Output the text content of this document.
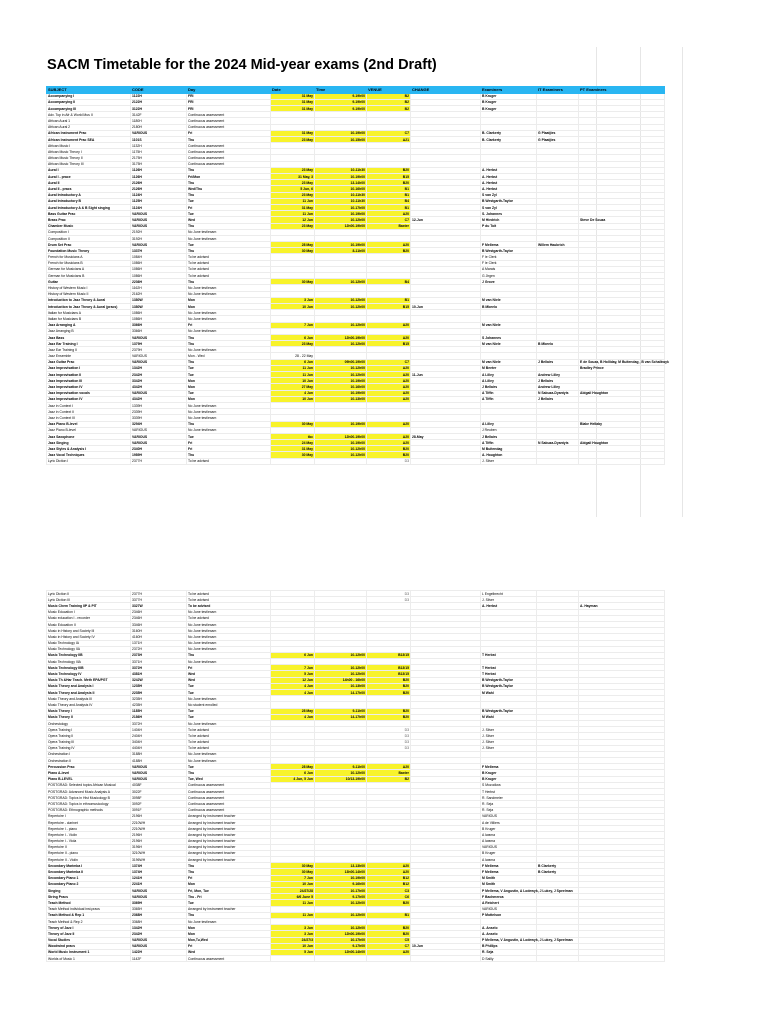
SACM Timetable for the 2024 Mid-year exams (2nd Draft)
SUBJECT	CODE	Day	Date	Time	VENUE	CHANGE	Examiners	IT Examiners	PT Examiners
Accompanying I	1122H	FRI	31 May	9-19h00	B2		B Kruger		
Accompanying II	2122H	FRI	31 May	9-19h00	B2		B Kruger		
Accompanying III	3122H	FRI	31 May	9-19h00	B2		B Kruger		
Adv. Top in Afr & World Mus II	3142F	Continuous assessment							
African Aural 1	1180H	Continuous assessment							
African Aural 2	2180H	Continuous assessment							
African Instrument Prac	VARIOUS	Fri	31 May	10-19h00	C7		B. Clarkerty	G Plaatjies	
African Instrument Prac SEA	1101S	Thu	23 May	10-15h00	A21		B. Clarkerty	G Plaatjies	
African Music I	1132H	Continuous assessment							
African Music Theory I	1175H	Continuous assessment							
African Music Theory II	2175H	Continuous assessment							
African Music Theory III	3175H	Continuous assessment							
Aural I	1126H	Thu	23 May	10-11h30	B20		A. Herbst		
Aural I - prace	1126H	Fri/Mon	31 May, 3	10-19h00	B15		A. Herbst		
Aural II	2126H	Thu	23 May	13-14h00	B20		A. Herbst		
Aural II - pracs	2126H	Wed/Thu	5 Jun, 6	10-16h00	B1		A. Herbst		
Aural Introductory A	1124H	Thu	23 May	10-11h30	B1		S van Zyl		
Aural Introductory B	1125H	Tue	11 Jun	10-11h30	B4		B Westgarth-Taylor		
Aural Introductory A & B Sight singing	1124H	Fri	31 May	10-17h00	B1		S van Zyl		
Bass Guitar Prac	VARIOUS	Tue	11 Jun	10-19h00	A20		S. Johannes		
Brass Prac	VARIOUS	Wed	12 Jun	10-12h00	C7	12-Jun	M Hiedrich		Steve De Souza
Chamber Music	VARIOUS	Thu	23 May	12h00-19h00	Baxter		P du Toit		
Composition I	2192H	No June test/exam							
Composition II	3192H	No June test/exam							
Drum Set Prac	VARIOUS	Tue	28 May	10-19h00	A20		F Mellema	Willem Haubrich	
Foundation Music Theory	1337H	Thu	30 May	8-11h00	B20		B Westgarth-Taylor		
French for Musicians A	1084H	To be advised					F le Clerk		
French for Musicians B	1086H	To be advised					F le Clerk		
German for Musicians A	1086H	To be advised					A Marais		
German for Musicians B	1086H	To be advised					G Jirgen		
Guitar	2236H	Thu	30 May	10-12h00	B4		J Grove		
History of Western Music I	1162H	No June test/exam							
History of Western Music II	2162H	No June test/exam							
Introduction to Jazz Theory & Aural	1380W	Mon	3 Jun	10-12h00	B1		M van Niele		
Introduction to Jazz Theory & Aural (pracs)	1380W	Mon	10 Jun	10-12h00	B15	10-Jun	B Mbeelo		
Italian for Musicians A	1086H	No June test/exam							
Italian for Musicians B	1086H	No June test/exam							
Jazz Arranging A	3366H	Fri	7 Jun	10-12h00	A20		M van Niele		
Jazz Arranging B	3366H	No June test/exam							
Jazz Bass	VARIOUS	Thu	6 Jun	12h00-19h00	A20		S Johannes		
Jazz Ear Training I	1379H	Thu	23 May	10-12h00	B15		M van Niele	B Mbeelo	
Jazz Ear Training II	2379H	No June test/exam							
Jazz Ensemble	VARIOUS	Mon - Wed	28 - 22 May						
Jazz Guitar Prac	VARIOUS	Thu	6 Jun	09h00-19h00	C7		M van Niele	J Bellairs	E de Souza, B Holliday, M Buitendag , B van Schalkwyk
Jazz Improvisation I	1342H	Tue	11 Jun	10-12h00	A20		M Beeter		Bradley Prince
Jazz Improvisation II	2342H	Tue	11 Jun	10-12h00	A20	11-Jun	A Lilley	Andrew Lilley	
Jazz Improvisation III	3342H	Mon	10 Jun	10-19h00	A20		A Lilley	J Bellairs	
Jazz Improvisation IV	4342H	Mon	27 May	10-16h00	A20		J Bellairs	Andrew Lilley	
Jazz Improvisation vocals	VARIOUS	Tue	4 Jun	10-19h00	A20		A Tiffin	N Sabuza-Dyantyis	Abigail Houghton
Jazz Improvisation IV	4342H	Mon	10 Jun	10-13h00	A20		A Tiffin	J Bellairs	
Jazz in Context I	1339H	No June test/exam							
Jazz in Context II	2339H	No June test/exam							
Jazz in Context III	3339H	No June test/exam							
Jazz Piano B-level	3294H	Thu	30 May	10-19h00	A20		A Lilley		Blake Hellaby
Jazz Piano B-level	VARIOUS	No June test/exam					J Reuben		
Jazz Saxophone	VARIOUS	Tue	tbc	12h00-19h00	A20	28-May	J Bellairs		
Jazz Singing	VARIOUS	Fri	24 May	10-19h00	A20		A Tiffin	N Sabuza-Dyantyis	Abigail Houghton
Jazz Styles & Analysis I	2340H	Fri	31 May	10-12h00	B20		M Buitendag		
Jazz Vocal Techniques	1989H	Thu	30 May	10-12h00	B20		A. Houghton		
Lyric Diction I	2377H	To be advised			D3		J. Silver		
Lyric Diction II	2377H	To be advised			D3		L Engelbrecht		
Lyric Diction III	3377H	To be advised			D3		J. Silver		
Music Chem Training IIP & PIT	3327W	To be advised					A. Herbst		A. Hayman
Music Education I	2346H	No June test/exam							
Music education I - recorder	2346H	To be advised							
Music Education II	3346H	No June test/exam							
Music in History and Society III	3160H	No June test/exam							
Music in History and Society IV	4160H	No June test/exam							
Music Technology IA	1371H	No June test/exam							
Music Technology IIA	2372H	No June test/exam							
Music Technology IIB	2373H	Thu	6 Jun	10-12h00	B13/15		T Herbst		
Music Technology IIIA	3371H	No June test/exam							
Music Technology IIIB	3372H	Fri	7 Jun	10-12h00	B13/15		T Herbst		
Music Technology IV	4381H	Wed	5 Jun	10-12h00	B13/15		T Herbst		
Music Th &Har Teach. Meth EPA/PGT	3242W	Wed	12 Jun	14h00 - 16h00	B20		B Westgarth-Taylor		
Music Theory and Analysis I	1235H	Tue	4 Jun	10-13h00	B20		B Westgarth-Taylor		
Music Theory and Analysis II	2235H	Tue	4 Jun	14-17h00	B20		M Wahl		
Music Theory and Analysis III	3235H	No June test/exam							
Music Theory and Analysis IV	4235H	No student enrolled							
Music Theory I	1185H	Tue	28 May	9-11h00	B20		B Westgarth-Taylor		
Music Theory II	2186H	Tue	4 Jun	14-17h00	B20		M Wahl		
Orchestology	3372H	No June test/exam							
Opera Training I	1404H	To be advised			D3		J. Silver		
Opera Training II	2404H	To be advised			D3		J. Silver		
Opera Training III	3404H	To be advised			D3		J. Silver		
Opera Training IV	4404H	To be advised			D3		J. Silver		
Orchestration I	3188H	No June test/exam							
Orchestration II	4188H	No June test/exam							
Percussion Prac	VARIOUS	Tue	28 May	9-11h00	A20		F Mellema		
Piano A-level	VARIOUS	Thu	6 Jun	10-12h00	Baxter		B Kruger		
Piano B-LEVEL	VARIOUS	Tue, Wed	4 Jun, 5 Jun	10/13-19h00	B2		B Kruger		
POSTGRAD: Selected topics African Musical	4038F	Continuous assessment					S Mozodiwa		
POSTGRAD: Advanced Music Analysis A	3022F	Continuous assessment					T Herbst		
POSTGRAD: Topics in Hist Musicology B	3098F	Continuous assessment					R. Sandmeier		
POSTGRAD: Topics in ethnomusicology	3092F	Continuous assessment					R. Seja		
POSTGRAD: Ethnographic methods	3091F	Continuous assessment					R. Seja		
Repertoire I	2196H	Arranged by instrument teacher					VARIOUS		
Repertoire - clarinet	2210WH	Arranged by instrument teacher					A de Villiers		
Repertoire I - piano	2210WH	Arranged by instrument teacher					B Kruger		
Repertoire I - Violin	2196H	Arranged by instrument teacher					A Iwama		
Repertoire I - Viola	2196H	Arranged by instrument teacher					A Iwama		
Repertoire II	3196H	Arranged by instrument teacher					VARIOUS		
Repertoire II - piano	3210WH	Arranged by instrument teacher					B Kruger		
Repertoire II - Violin	3196WH	Arranged by instrument teacher					A Iwama		
Secondary Marimba I	1374H	Thu	30 May	13-13h00	A20		F Mellema	B Clarkerty	
Secondary Marimba II	1374H	Thu	30 May	13h00-14h00	A20		F Mellema	B Clarkerty	
Secondary Piano 1	1241H	Fri	7 Jun	10-19h00	B12		M Smith		
Secondary Piano 2	2241H	Mon	10 Jun	9-16h00	B12		M Smith		
Singing	VARIOUS	Fri, Mon, Tue	24/27/28	10-17h00	C3		P Mellema, V Angustin, A Lodewyk, J Lukey, J Speelman		
String Pracs	VARIOUS	Thu - Fri	6/6 June 5	9-17h00	C6		F Bachmeroa		
Teach Method	3369H	Tue	11 Jun	10-12h00	B20		A Reichert		
Teach Method individual inst.pracs	3365H	Arranged by instrument teacher					VARIOUS		
Teach Method & Rep 1	2368H	Thu	11 Jun	10-12h00	B1		P Mottelson		
Teach Method & Rep 2	3368H	No June test/exam							
Theory of Jazz I	1342H	Mon	3 Jun	10-12h00	B20		A. Anselo		
Theory of Jazz II	2342H	Mon	3 Jun	12h00-19h00	B20		A. Anselo		
Vocal Studies	VARIOUS	Mon,Tu,Wed	24/27/3	10-17h00	C5		P Mellema, V Angustin, A Lodewyk, J Lukey, J Speelman		
Woodwind pracs	VARIOUS	Fri	10 Jun	9-17h00	C7	10-Jun	B Phillips		
World Music Instrument 1	1422H	Wed	5 Jun	12h00-14h00	A20		R. Seja		
Worlds of Music 1	1142F	Continuous assessment					D Sallly		
